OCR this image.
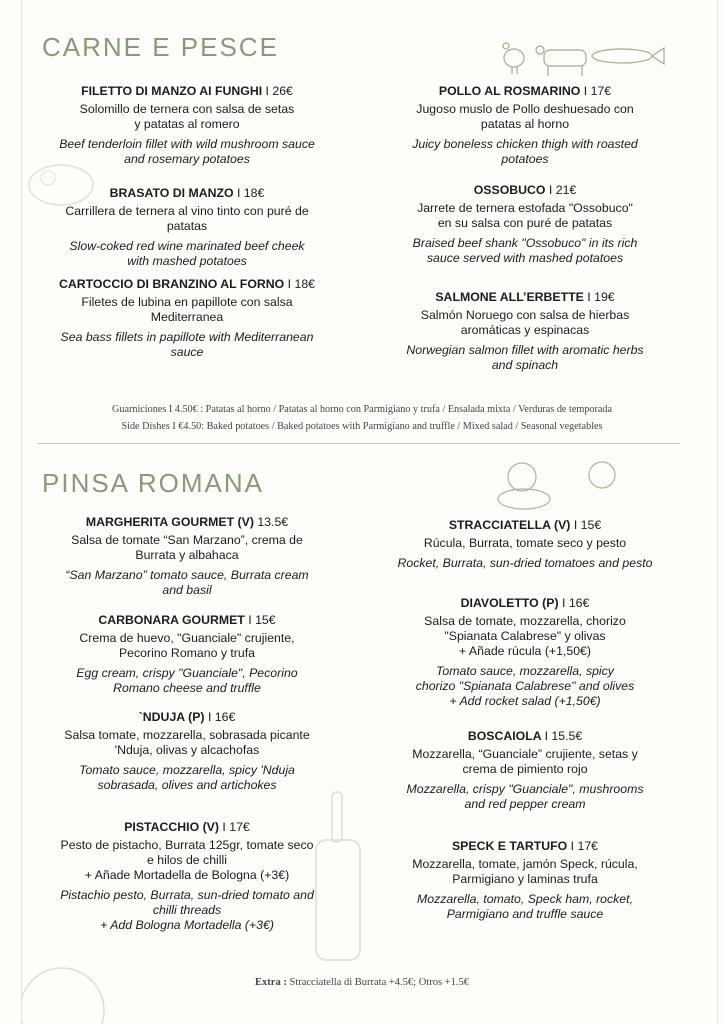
CARNE E PESCE
FILETTO DI MANZO AI FUNGHI I 26€
Solomillo de ternera con salsa de setas
y patatas al romero
Beef tenderloin fillet with wild mushroom sauce
and rosemary potatoes
BRASATO DI MANZO I 18€
Carrillera de ternera al vino tinto con puré de
patatas
Slow-coked red wine marinated beef cheek
with mashed potatoes
CARTOCCIO DI BRANZINO AL FORNO I 18€
Filetes de lubina en papillote con salsa
Mediterranea
Sea bass fillets in papillote with Mediterranean
sauce
POLLO AL ROSMARINO I 17€
Jugoso muslo de Pollo deshuesado con
patatas al horno
Juicy boneless chicken thigh with roasted
potatoes
OSSOBUCO I 21€
Jarrete de ternera estofada "Ossobuco"
en su salsa con puré de patatas
Braised beef shank "Ossobuco" in its rich
sauce served with mashed potatoes
SALMONE ALL’ERBETTE I 19€
Salmón Noruego con salsa de hierbas
aromáticas y espinacas
Norwegian salmon fillet with aromatic herbs
and spinach
Guarniciones I 4.50€ : Patatas al horno / Patatas al horno con Parmigiano y trufa / Ensalada mixta / Verduras de temporada
Side Dishes I €4.50: Baked potatoes / Baked potatoes with Parmigiano and truffle / Mixed salad / Seasonal vegetables
PINSA ROMANA
MARGHERITA GOURMET (V) 13.5€
Salsa de tomate “San Marzano”, crema de
Burrata y albahaca
“San Marzano” tomato sauce, Burrata cream
and basil
CARBONARA GOURMET I 15€
Crema de huevo, "Guanciale" crujiente,
Pecorino Romano y trufa
Egg cream, crispy "Guanciale", Pecorino
Romano cheese and truffle
`NDUJA (P) I 16€
Salsa tomate, mozzarella, sobrasada picante
'Nduja, olivas y alcachofas
Tomato sauce, mozzarella, spicy 'Nduja
sobrasada, olives and artichokes
PISTACCHIO (V) I 17€
Pesto de pistacho, Burrata 125gr, tomate seco
e hilos de chilli
+ Añade Mortadella de Bologna (+3€)
Pistachio pesto, Burrata, sun-dried tomato and
chilli threads
+ Add Bologna Mortadella (+3€)
STRACCIATELLA (V) I 15€
Rúcula, Burrata, tomate seco y pesto
Rocket, Burrata, sun-dried tomatoes and pesto
DIAVOLETTO (P) I 16€
Salsa de tomate, mozzarella, chorizo
"Spianata Calabrese" y olivas
+ Añade rúcula (+1,50€)
Tomato sauce, mozzarella, spicy
chorizo "Spianata Calabrese" and olives
+ Add rocket salad (+1,50€)
BOSCAIOLA I 15.5€
Mozzarella, “Guanciale” crujiente, setas y
crema de pimiento rojo
Mozzarella, crispy "Guanciale", mushrooms
and red pepper cream
SPECK E TARTUFO I 17€
Mozzarella, tomate, jamón Speck, rúcula,
Parmigiano y laminas trufa
Mozzarella, tomato, Speck ham, rocket,
Parmigiano and truffle sauce
Extra : Stracciatella di Burrata +4.5€; Otros +1.5€
